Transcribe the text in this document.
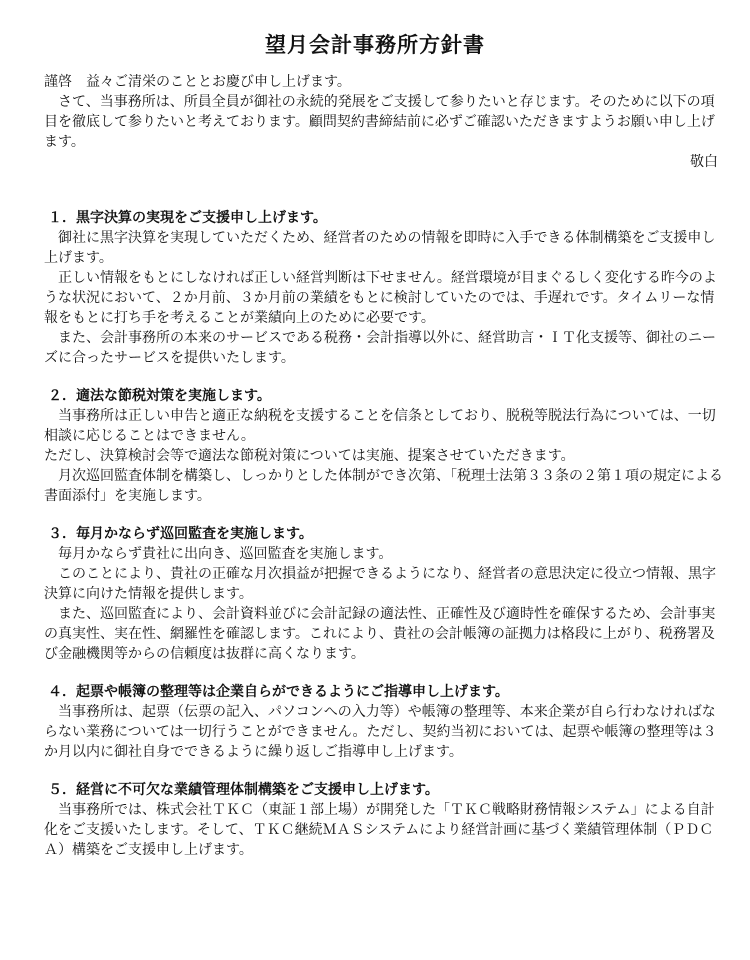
望月会計事務所方針書

謹啓　益々ご清栄のこととお慶び申し上げます。

さて、当事務所は、所員全員が御社の永続的発展をご支援して参りたいと存じます。そのために以下の項目を徹底して参りたいと考えております。顧問契約書締結前に必ずご確認いただきますようお願い申し上げます。

敬白

１．黒字決算の実現をご支援申し上げます。

御社に黒字決算を実現していただくため、経営者のための情報を即時に入手できる体制構築をご支援申し上げます。

正しい情報をもとにしなければ正しい経営判断は下せません。経営環境が目まぐるしく変化する昨今のような状況において、２か月前、３か月前の業績をもとに検討していたのでは、手遅れです。タイムリーな情報をもとに打ち手を考えることが業績向上のために必要です。

また、会計事務所の本来のサービスである税務・会計指導以外に、経営助言・ＩＴ化支援等、御社のニーズに合ったサービスを提供いたします。

２．適法な節税対策を実施します。

当事務所は正しい申告と適正な納税を支援することを信条としており、脱税等脱法行為については、一切相談に応じることはできません。

ただし、決算検討会等で適法な節税対策については実施、提案させていただきます。

月次巡回監査体制を構築し、しっかりとした体制ができ次第、「税理士法第３３条の２第１項の規定による書面添付」を実施します。

３．毎月かならず巡回監査を実施します。

毎月かならず貴社に出向き、巡回監査を実施します。

このことにより、貴社の正確な月次損益が把握できるようになり、経営者の意思決定に役立つ情報、黒字決算に向けた情報を提供します。

また、巡回監査により、会計資料並びに会計記録の適法性、正確性及び適時性を確保するため、会計事実の真実性、実在性、網羅性を確認します。これにより、貴社の会計帳簿の証拠力は格段に上がり、税務署及び金融機関等からの信頼度は抜群に高くなります。

４．起票や帳簿の整理等は企業自らができるようにご指導申し上げます。

当事務所は、起票（伝票の記入、パソコンへの入力等）や帳簿の整理等、本来企業が自ら行わなければならない業務については一切行うことができません。ただし、契約当初においては、起票や帳簿の整理等は３か月以内に御社自身でできるように繰り返しご指導申し上げます。

５．経営に不可欠な業績管理体制構築をご支援申し上げます。

当事務所では、株式会社ＴＫＣ（東証１部上場）が開発した「ＴＫＣ戦略財務情報システム」による自計化をご支援いたします。そして、ＴＫＣ継続ＭＡＳシステムにより経営計画に基づく業績管理体制（ＰＤＣＡ）構築をご支援申し上げます。
